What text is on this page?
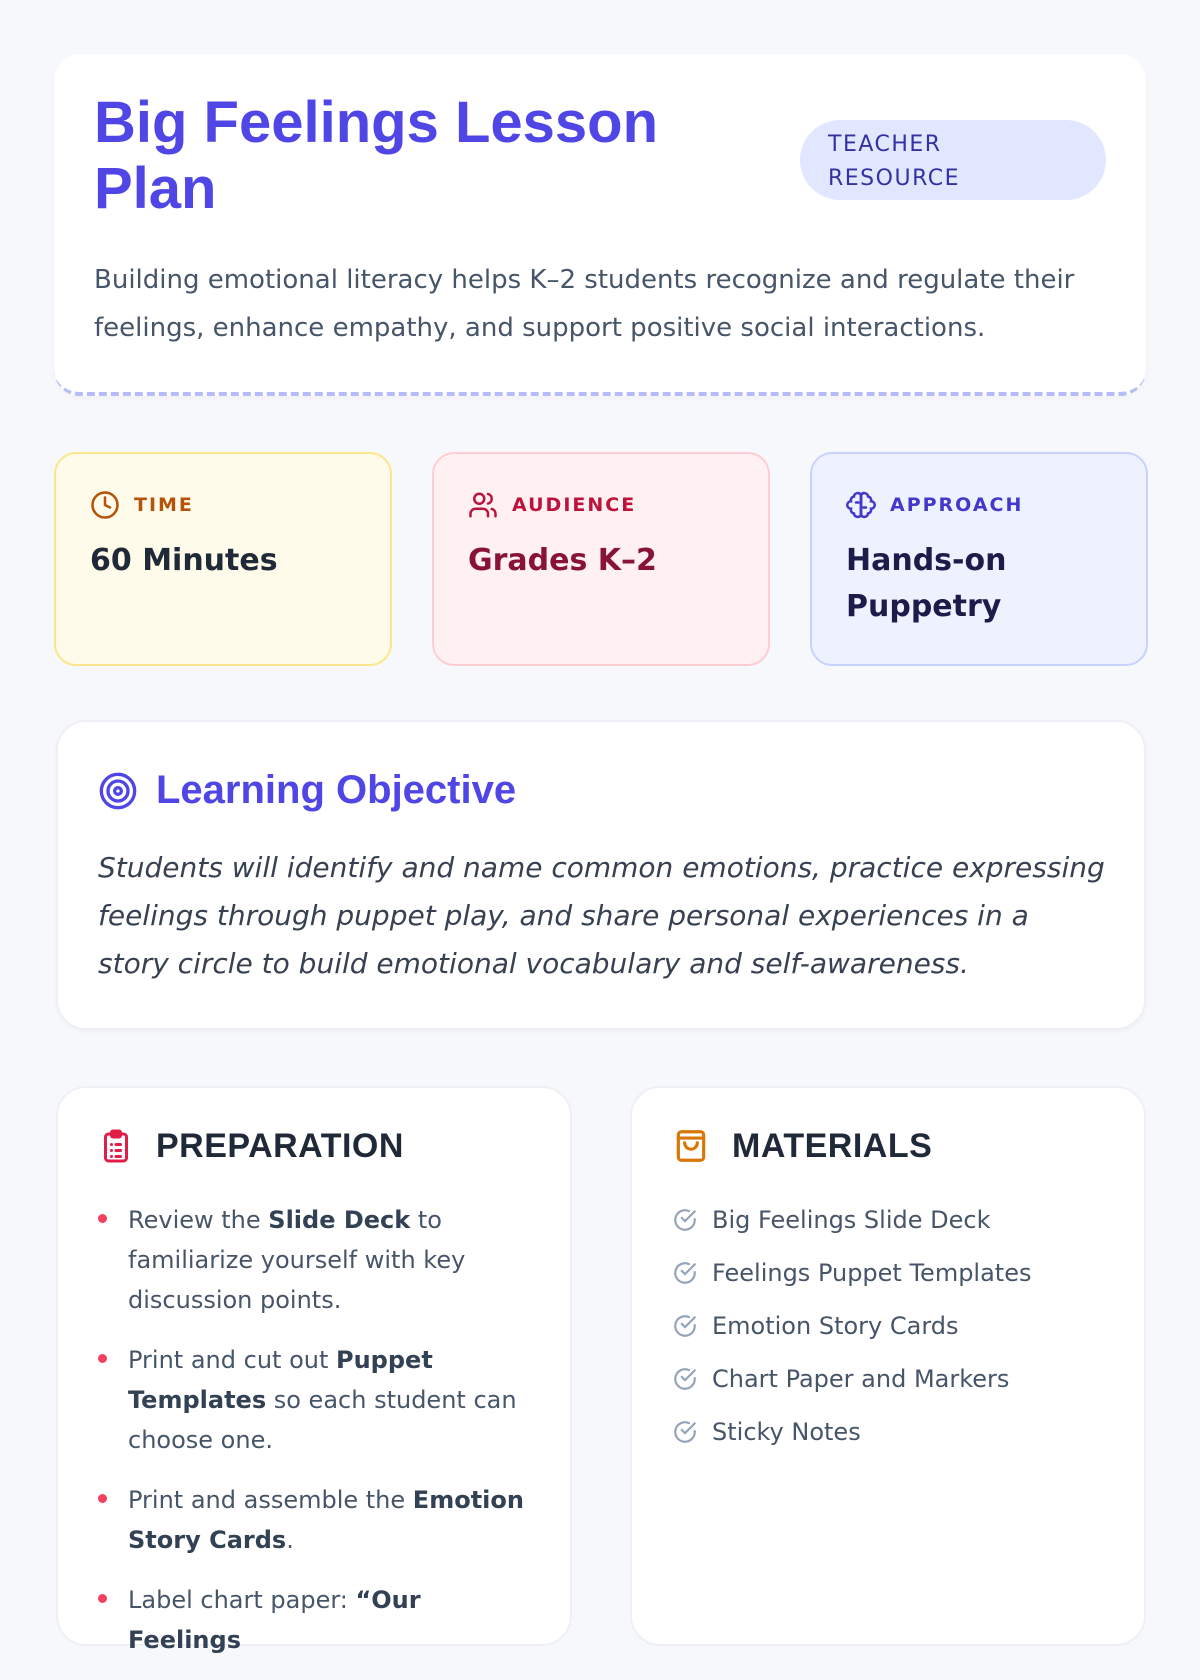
Big Feelings Lesson Plan
TEACHER RESOURCE

Building emotional literacy helps K–2 students recognize and regulate their feelings, enhance empathy, and support positive social interactions.

TIME
60 Minutes
AUDIENCE
Grades K–2
APPROACH
Hands-on Puppetry
Learning Objective

Students will identify and name common emotions, practice expressing feelings through puppet play, and share personal experiences in a story circle to build emotional vocabulary and self-awareness.

PREPARATION
Review the Slide Deck to familiarize yourself with key discussion points.
Print and cut out Puppet Templates so each student can choose one.
Print and assemble the Emotion Story Cards.
Label chart paper: “Our Feelings
MATERIALS
Big Feelings Slide Deck
Feelings Puppet Templates
Emotion Story Cards
Chart Paper and Markers
Sticky Notes
